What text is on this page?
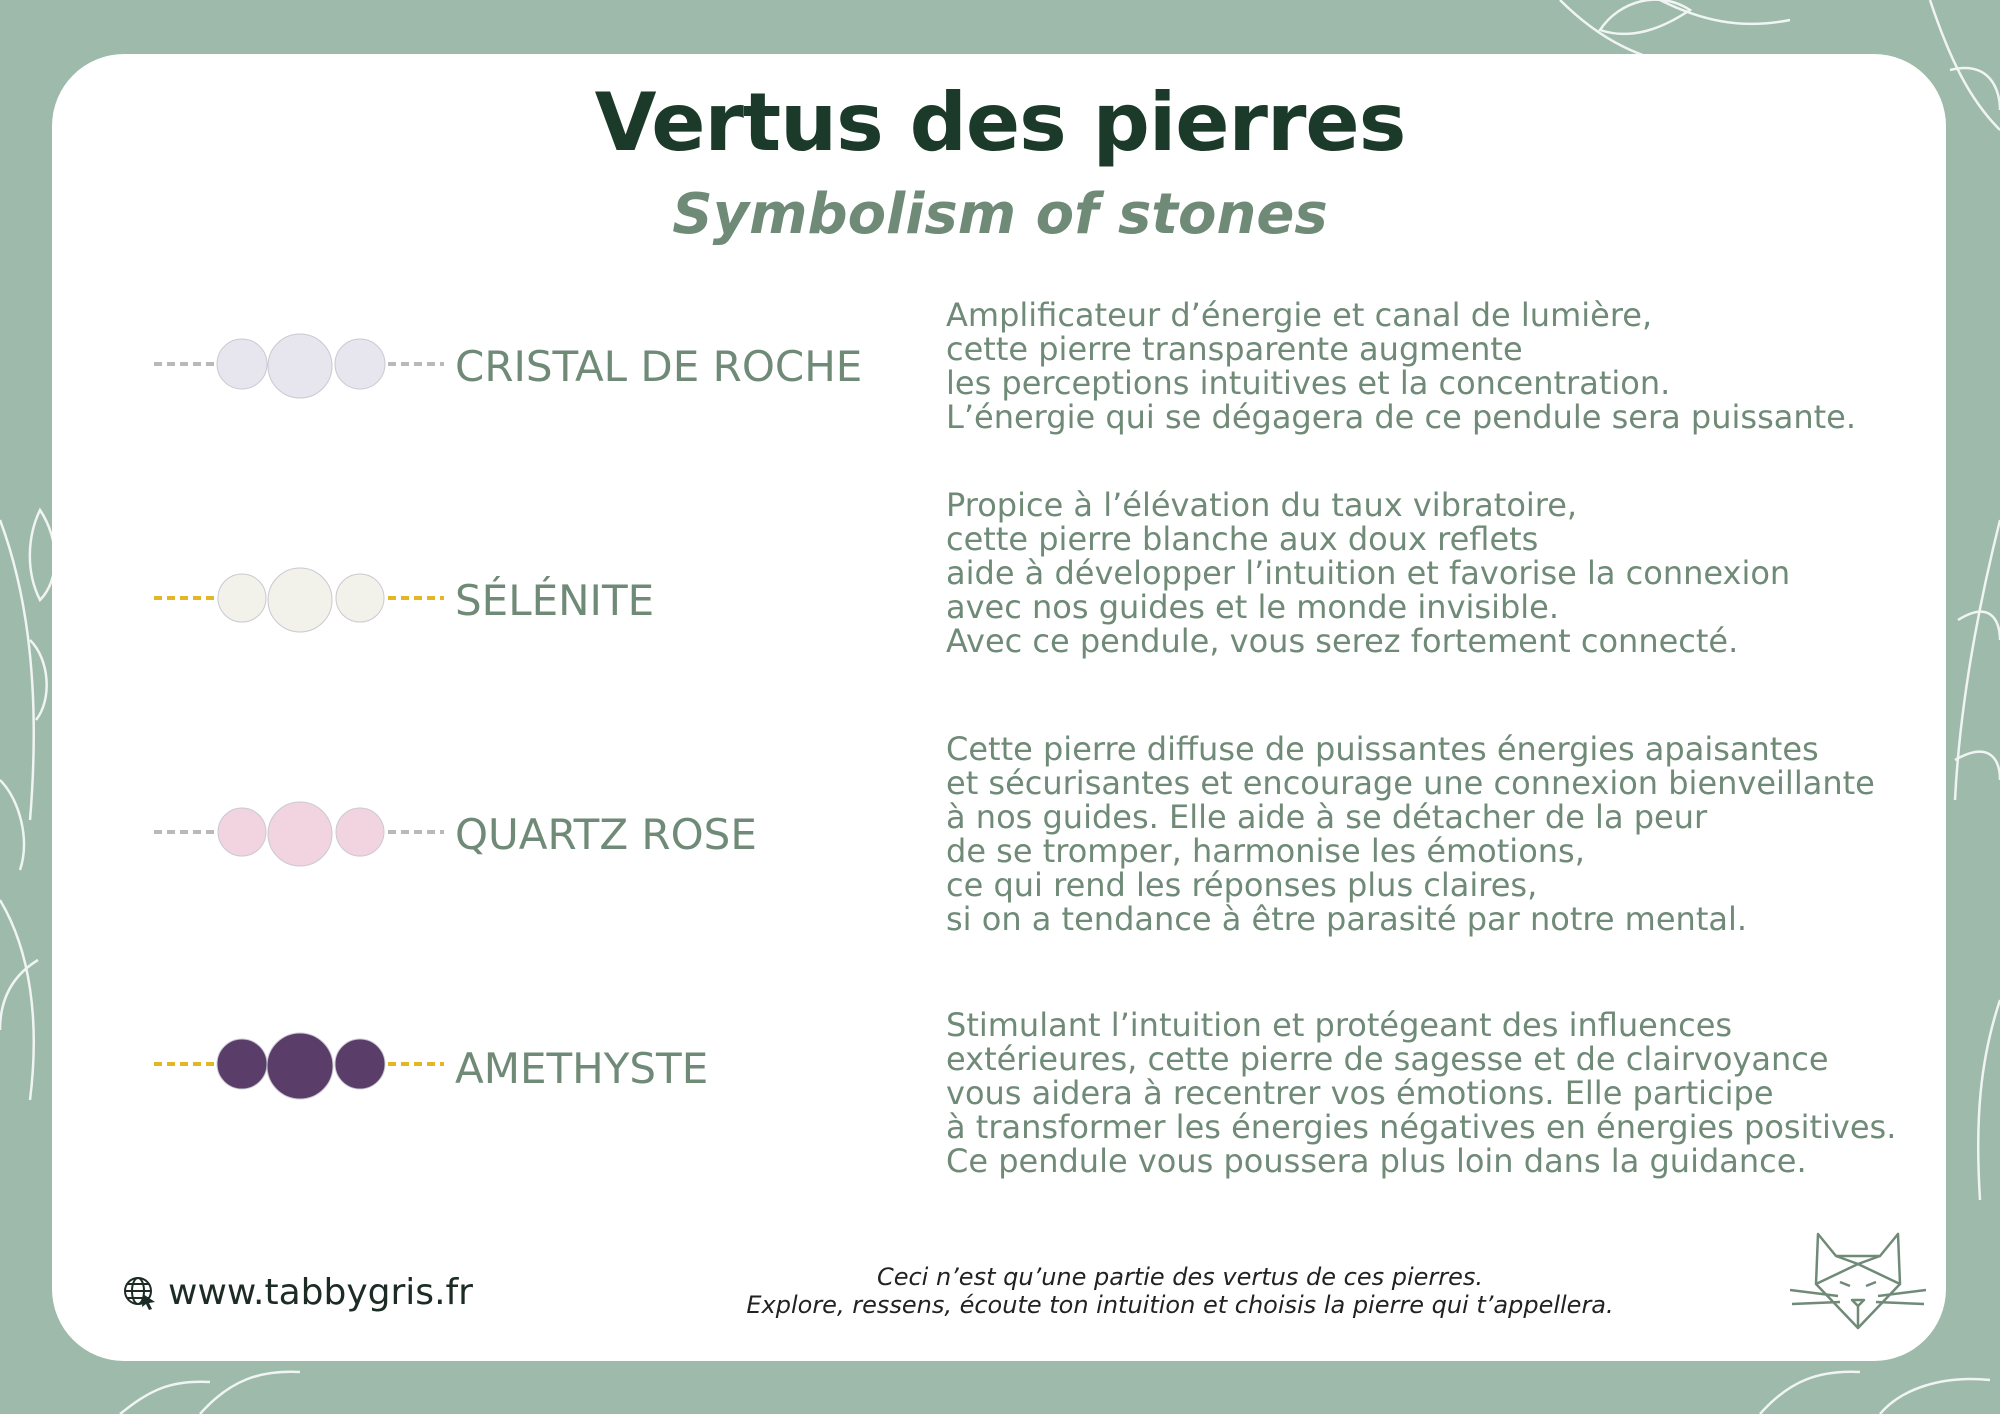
Vertus des pierres
Symbolism of stones
CRISTAL DE ROCHE
Amplificateur d’énergie et canal de lumière,
cette pierre transparente augmente
les perceptions intuitives et la concentration.
L’énergie qui se dégagera de ce pendule sera puissante.
SÉLÉNITE
Propice à l’élévation du taux vibratoire,
cette pierre blanche aux doux reflets
aide à développer l’intuition et favorise la connexion
avec nos guides et le monde invisible.
Avec ce pendule, vous serez fortement connecté.
QUARTZ ROSE
Cette pierre diffuse de puissantes énergies apaisantes
et sécurisantes et encourage une connexion bienveillante
à nos guides. Elle aide à se détacher de la peur
de se tromper, harmonise les émotions,
ce qui rend les réponses plus claires,
si on a tendance à être parasité par notre mental.
AMETHYSTE
Stimulant l’intuition et protégeant des influences
extérieures, cette pierre de sagesse et de clairvoyance
vous aidera à recentrer vos émotions. Elle participe
à transformer les énergies négatives en énergies positives.
Ce pendule vous poussera plus loin dans la guidance.
www.tabbygris.fr	Ceci n’est qu’une partie des vertus de ces pierres.
Explore, ressens, écoute ton intuition et choisis la pierre qui t’appellera.
